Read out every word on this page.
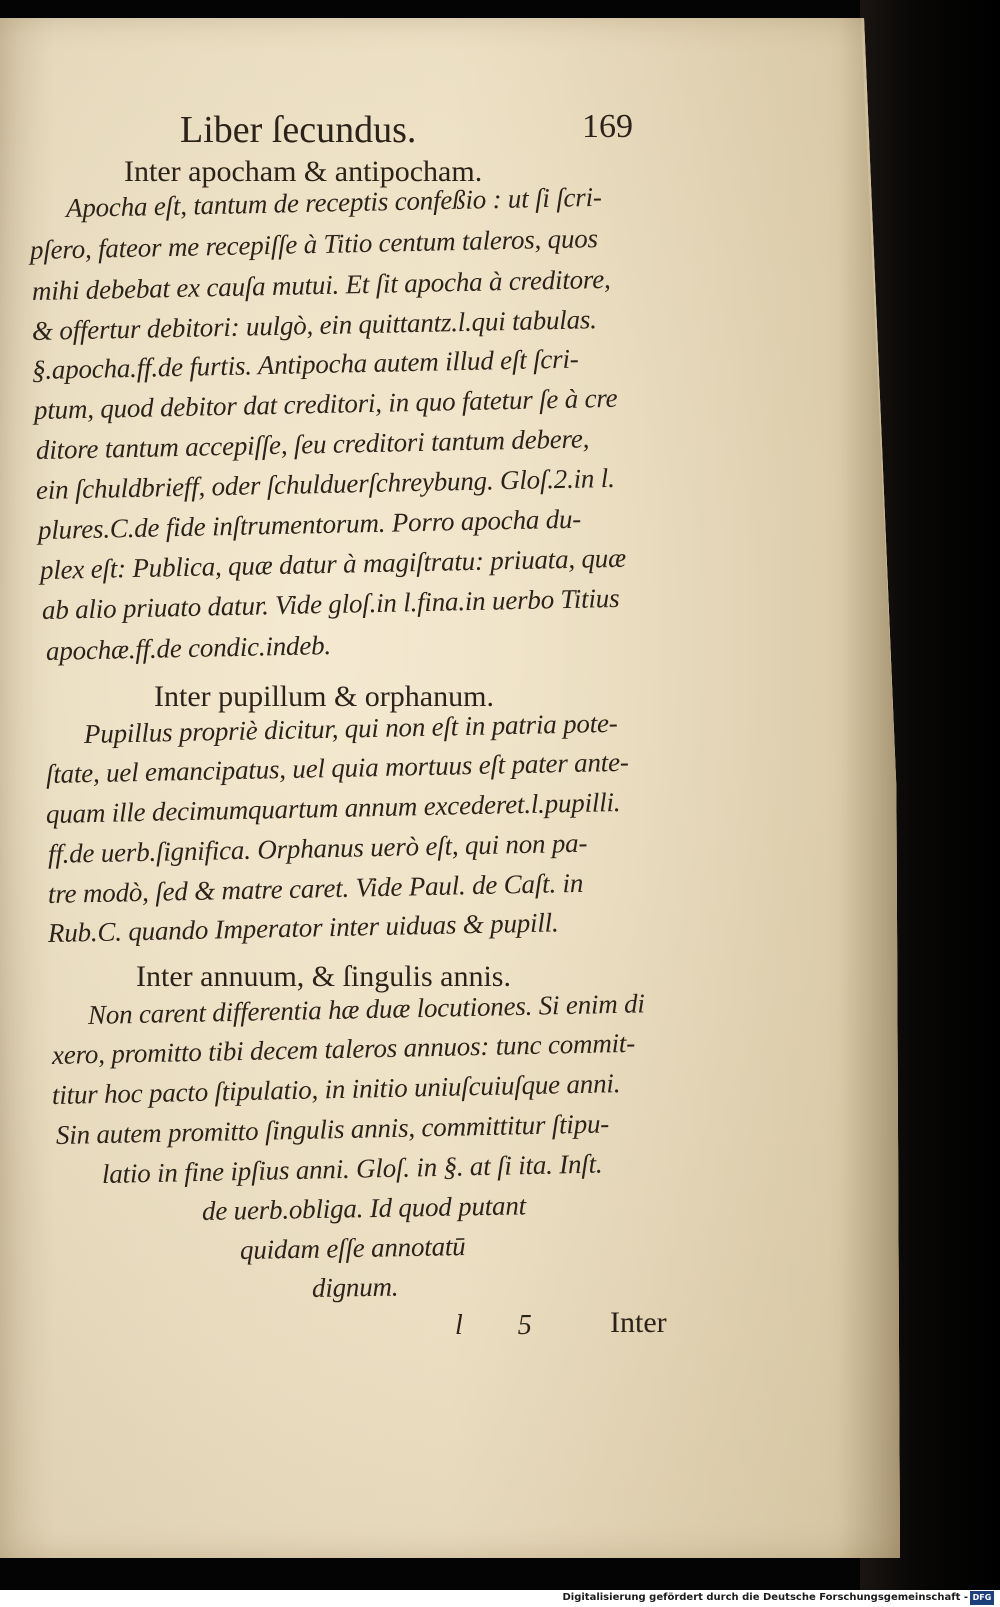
Liber ſecundus.	169
Inter apocham & antipocham.
Apocha eſt, tantum de receptis confeßio : ut ſi ſcri-
pſero, fateor me recepiſſe à Titio centum taleros, quos
mihi debebat ex cauſa mutui. Et ſit apocha à creditore,
& offertur debitori: uulgò, ein quittantz.l.qui tabulas.
§.apocha.ff.de furtis. Antipocha autem illud eſt ſcri-
ptum, quod debitor dat creditori, in quo fatetur ſe à cre
ditore tantum accepiſſe, ſeu creditori tantum debere,
ein ſchuldbrieff, oder ſchulduerſchreybung. Gloſ.2.in l.
plures.C.de fide inſtrumentorum. Porro apocha du-
plex eſt: Publica, quæ datur à magiſtratu: priuata, quæ
ab alio priuato datur. Vide gloſ.in l.fina.in uerbo Titius
apochæ.ff.de condic.indeb.
Inter pupillum & orphanum.
Pupillus propriè dicitur, qui non eſt in patria pote-
ſtate, uel emancipatus, uel quia mortuus eſt pater ante-
quam ille decimumquartum annum excederet.l.pupilli.
ff.de uerb.ſignifica. Orphanus uerò eſt, qui non pa-
tre modò, ſed & matre caret. Vide Paul. de Caſt. in
Rub.C. quando Imperator inter uiduas & pupill.
Inter annuum, & ſingulis annis.
Non carent differentia hæ duæ locutiones. Si enim di
xero, promitto tibi decem taleros annuos: tunc commit-
titur hoc pacto ſtipulatio, in initio uniuſcuiuſque anni.
Sin autem promitto ſingulis annis, committitur ſtipu-
latio in fine ipſius anni. Gloſ. in §. at ſi ita. Inſt.
de uerb.obliga. Id quod putant
quidam eſſe annotatū
dignum.
l 5 Inter
Digitalisierung gefördert durch die Deutsche Forschungsgemeinschaft - DFG
